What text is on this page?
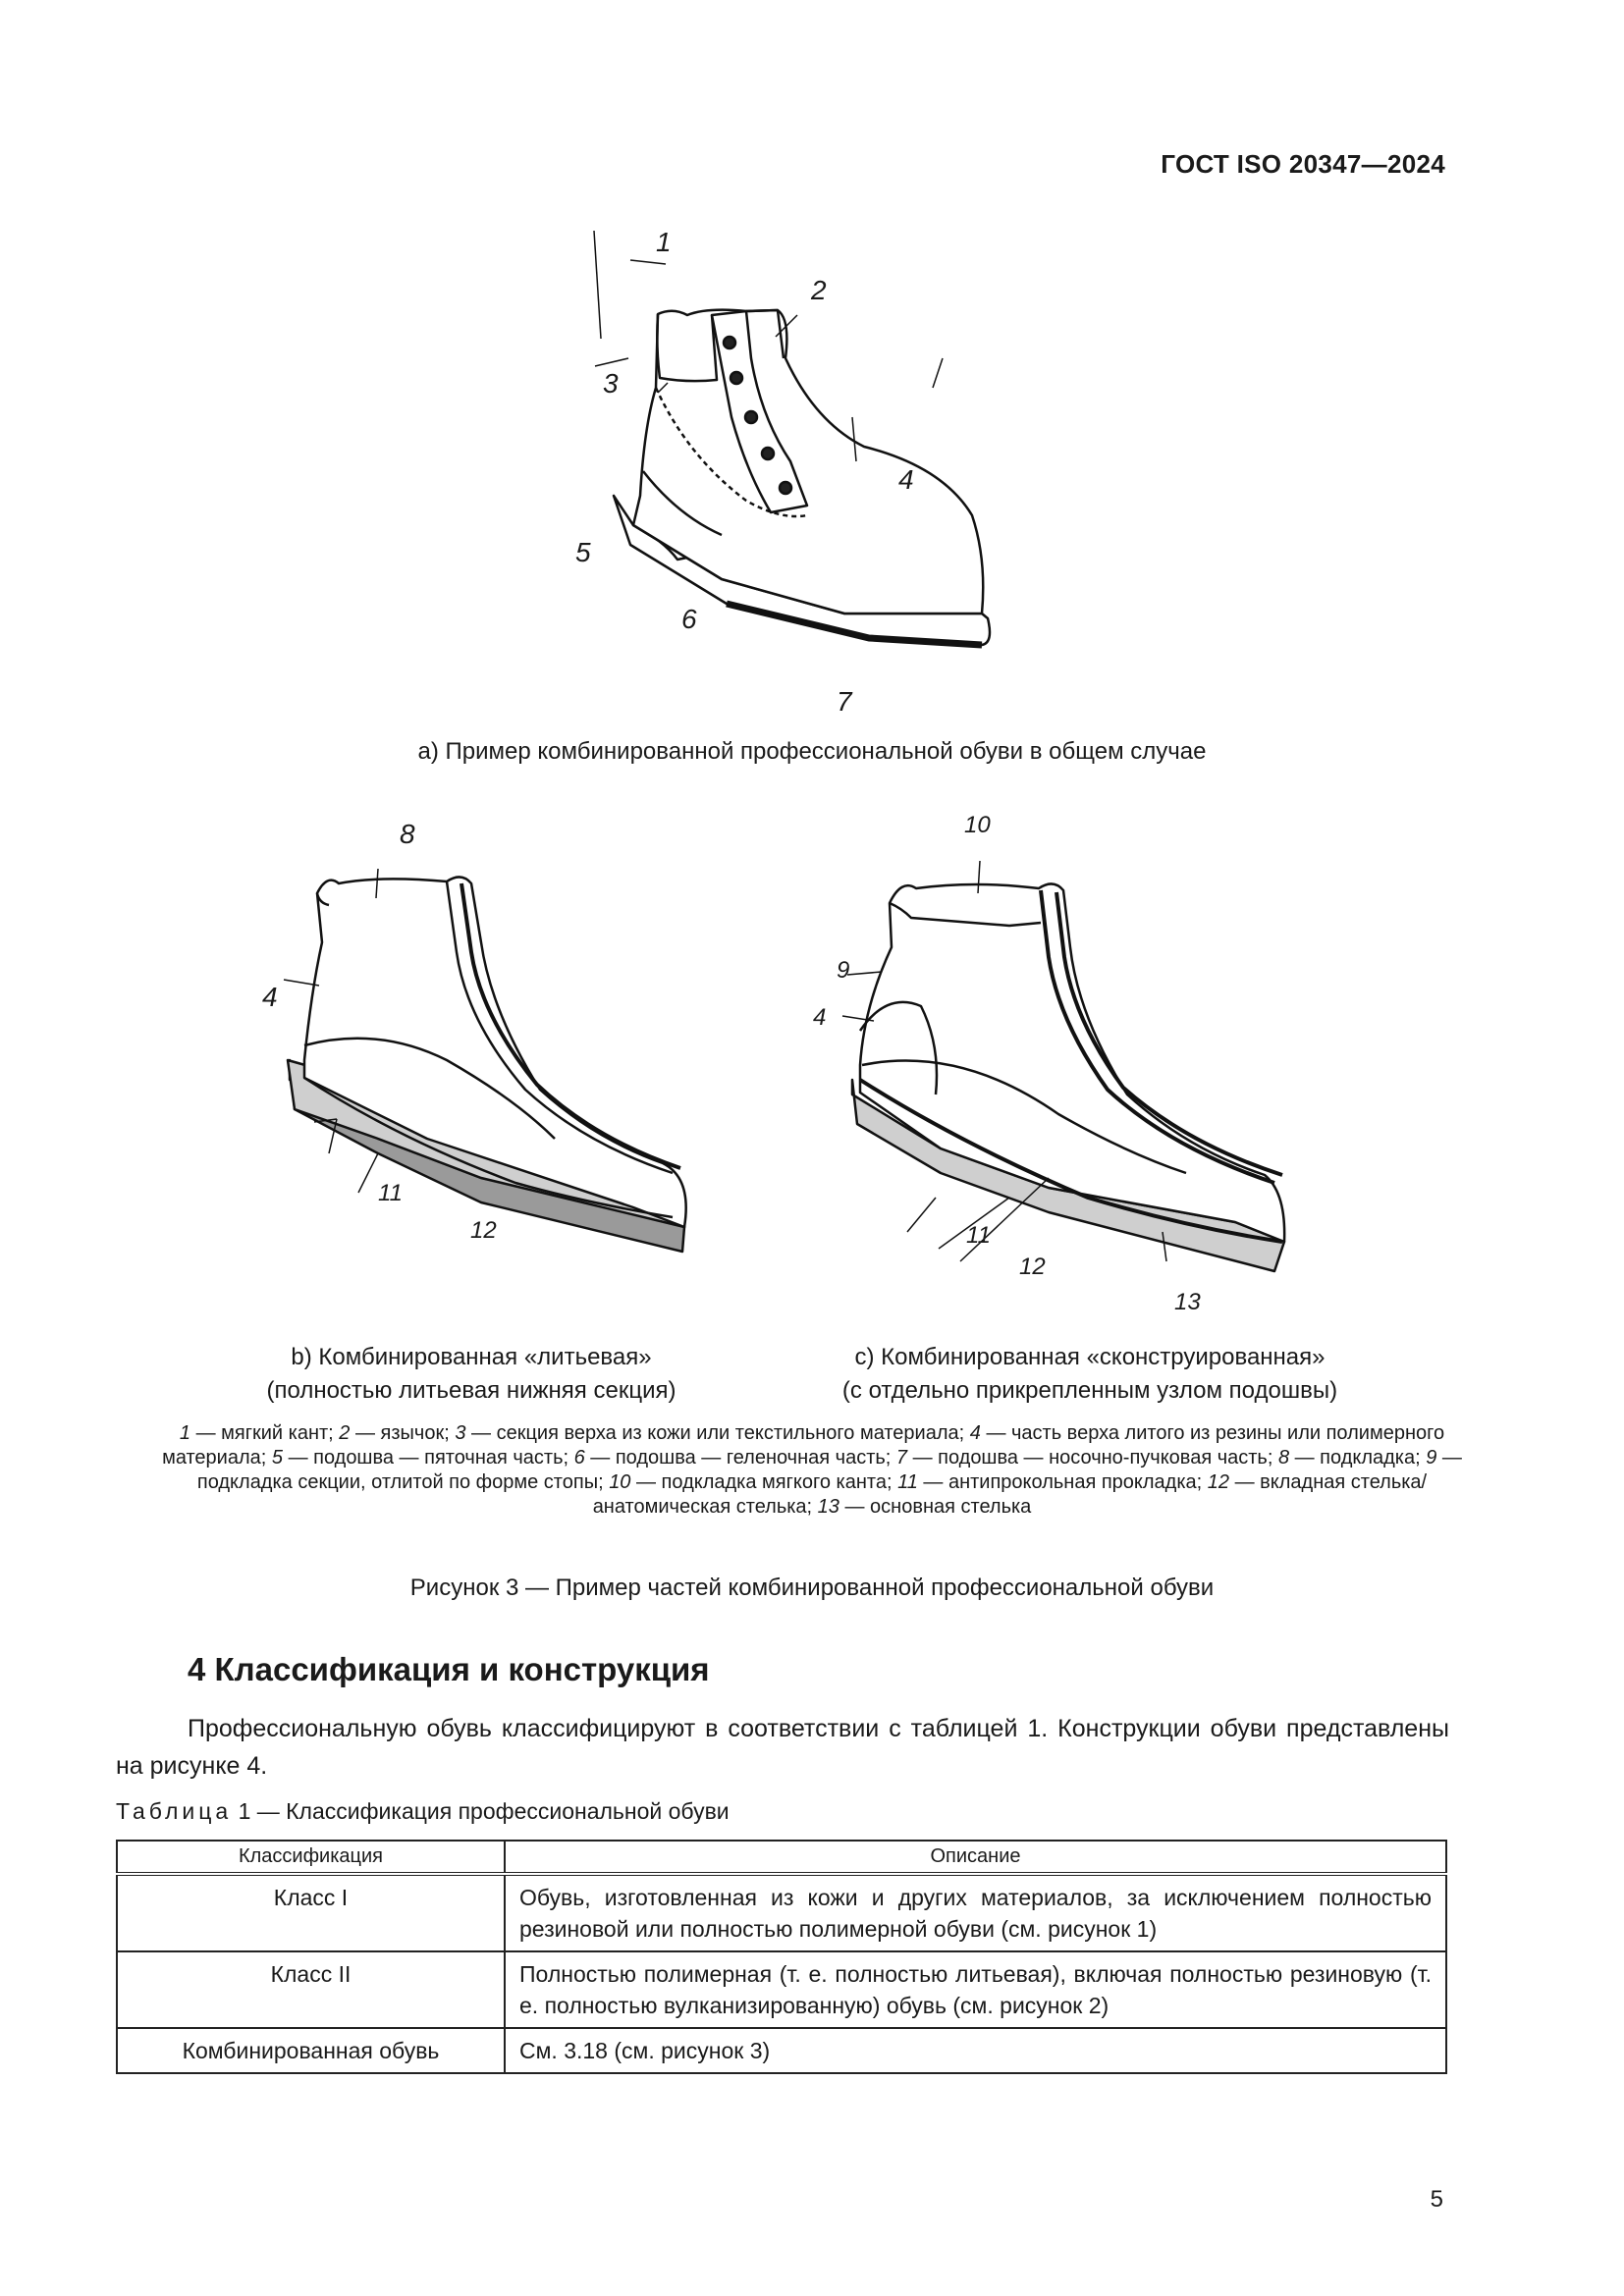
ГОСТ ISO 20347—2024
1
2
3
4
5
6
7
а) Пример комбинированной профессиональной обуви в общем случае
8
4
11
12
10
9
4
11
12
13
b) Комбинированная «литьевая»
(полностью литьевая нижняя секция)
c) Комбинированная «сконструированная»
(с отдельно прикрепленным узлом подошвы)
1 — мягкий кант; 2 — язычок; 3 — секция верха из кожи или текстильного материала; 4 — часть верха литого из резины или полимерного материала; 5 — подошва — пяточная часть; 6 — подошва — геленочная часть; 7 — подошва — носочно-пучковая часть; 8 — подкладка; 9 — подкладка секции, отлитой по форме стопы; 10 — подкладка мягкого канта; 11 — антипрокольная прокладка; 12 — вкладная стелька/анатомическая стелька; 13 — основная стелька
Рисунок 3 — Пример частей комбинированной профессиональной обуви
4 Классификация и конструкция
Профессиональную обувь классифицируют в соответствии с таблицей 1. Конструкции обуви представлены на рисунке 4.
Таблица 1 — Классификация профессиональной обуви
Классификация	Описание
Класс I	Обувь, изготовленная из кожи и других материалов, за исключением полностью резиновой или полностью полимерной обуви (см. рисунок 1)
Класс II	Полностью полимерная (т. е. полностью литьевая), включая полностью резиновую (т. е. полностью вулканизированную) обувь (см. рисунок 2)
Комбинированная обувь	См. 3.18 (см. рисунок 3)
5
